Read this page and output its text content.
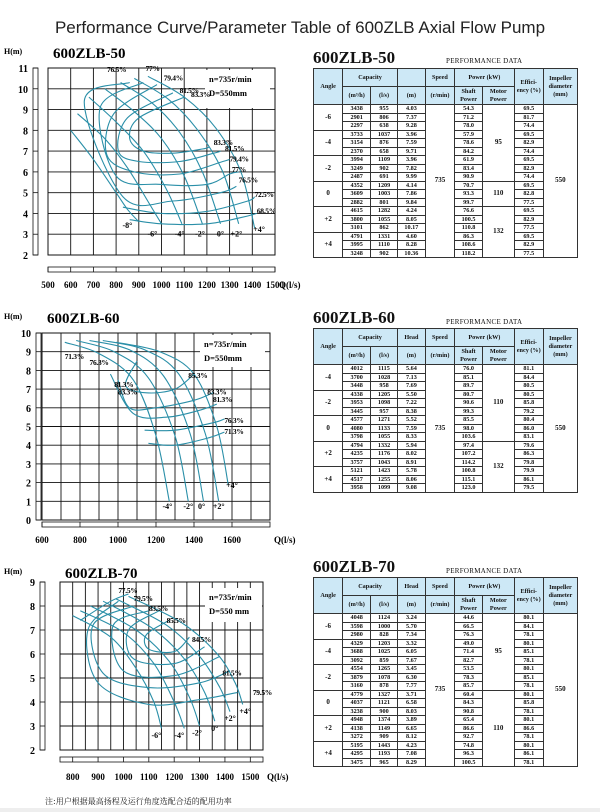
Performance Curve/Parameter Table of 600ZLB Axial Flow Pump
600ZLB-50
H(m)
n=735r/min
D=550mm
2
3
4
5
6
7
8
9
10
11
500 600 700 800 900 1000 1100 1200 1300 1400 1500
Q(l/s)
-8°
-6° -4° -2° 0° +2° +4°
76.5%	77%
79.4%
81.5%
83.3%
83.3%
81.5%
79.4%
77%
76.5%
72.5%
68.5%
600ZLB-60
H(m)
n=735r/min
D=550mm
0
1
2
3
4
5
6
7
8
9
10
600	800 1000 1200 1400 1600	Q(l/s)
-4° -2° 0° +2°
+4°
71.3%
76.3%
81.3%
83.3%
85.3%
83.3%
81.3%
76.3%
71.3%
600ZLB-70
H(m)
n=735r/min
D=550 mm
2
3
4
5
6
7
8
9
800 900 1000 1100 1200 1300 1400 1500 Q(l/s)
-6° -4° -2°
0°
+2°
+4°
77.5%
79.5%
83.5%
85.5%
84.5%
81.5%
79.5%
600ZLB-50	PERFORMANCE DATA
600ZLB-60	PERFORMANCE DATA
600ZLB-70	PERFORMANCE DATA
Angle	Capacity			Speed	Power (kW)		Effici- ency (%)	Impeller diameter (mm)
	(m³/h)	(l/s)	(m)	(r/min)	Shaft Power	Motor Power		
-6	3438	955	4.03	735	54.3	95	69.5	550
	2901	806	7.37		71.2		81.7	
	2297	638	9.28		78.0		74.4	
-4	3733	1037	3.96		57.9		69.5	
	3154	876	7.59		78.6		82.9	
	2370	658	9.71		84.2		74.4	
-2	3994	1109	3.96		61.9		69.5	
	3249	902	7.82		83.4		82.9	
	2487	691	9.99		90.9		74.4	
0	4352	1209	4.14		70.7	110	69.5	
	3609	1003	7.86		93.3		82.8	
	2882	801	9.84		99.7		77.5	
+2	4615	1282	4.24		76.6	132	69.5	
	3800	1055	8.05		100.5		82.9	
	3101	862	10.17		110.8		77.5	
+4	4791	1331	4.60		86.3		69.5	
	3995	1110	8.28		108.6		82.9	
	3248	902	10.36		118.2		77.5	
Angle	Capacity		Head	Speed	Power (kW)		Effici- ency (%)	Impeller diameter (mm)
	(m³/h)	(l/s)	(m)	(r/min)	Shaft Power	Motor Power		
-4	4012	1115	5.64	735	76.0	110	81.1	550
	3700	1028	7.13		85.1		84.4	
	3448	958	7.69		89.7		80.5	
-2	4338	1205	5.50		80.7		80.5	
	3953	1098	7.22		90.6		85.8	
	3445	957	8.38		99.3		79.2	
0	4577	1271	5.52		85.5		80.4	
	4080	1133	7.59		98.0		86.0	
	3798	1055	8.33		103.6		83.1	
+2	4794	1332	5.94		97.4	132	79.6	
	4235	1176	8.02		107.2		86.3	
	3757	1043	8.91		114.2		79.8	
+4	5121	1423	5.78		100.8		79.9	
	4517	1255	8.06		115.1		86.1	
	3958	1099	9.08		123.0		79.5	
Angle	Capacity		Head	Speed	Power (kW)		Effici- ency (%)	Impeller diameter (mm)
	(m³/h)	(l/s)	(m)	(r/min)	Shaft Power	Motor Power		
-6	4048	1124	3.24	735	44.6	95	80.1	550
	3598	1000	5.70		66.5		84.1	
	2980	828	7.34		76.3		78.1	
-4	4329	1203	3.32		49.0		80.1	
	3688	1025	6.05		71.4		85.1	
	3092	859	7.67		82.7		78.1	
-2	4554	1265	3.45		53.5		80.1	
	3879	1078	6.30		78.3		85.1	
	3160	878	7.77		85.7		78.1	
0	4779	1327	3.71		60.4	110	80.1	
	4037	1121	6.58		84.3		85.8	
	3238	900	8.03		90.8		78.1	
+2	4948	1374	3.89		65.4		80.1	
	4138	1149	6.65		86.6		86.6	
	3272	909	8.12		92.7		78.1	
+4	5195	1443	4.23		74.8		80.1	
	4295	1193	7.08		96.3		86.1	
	3475	965	8.29		100.5		78.1	
注:用户根据最高扬程及运行角度选配合适的配用功率
